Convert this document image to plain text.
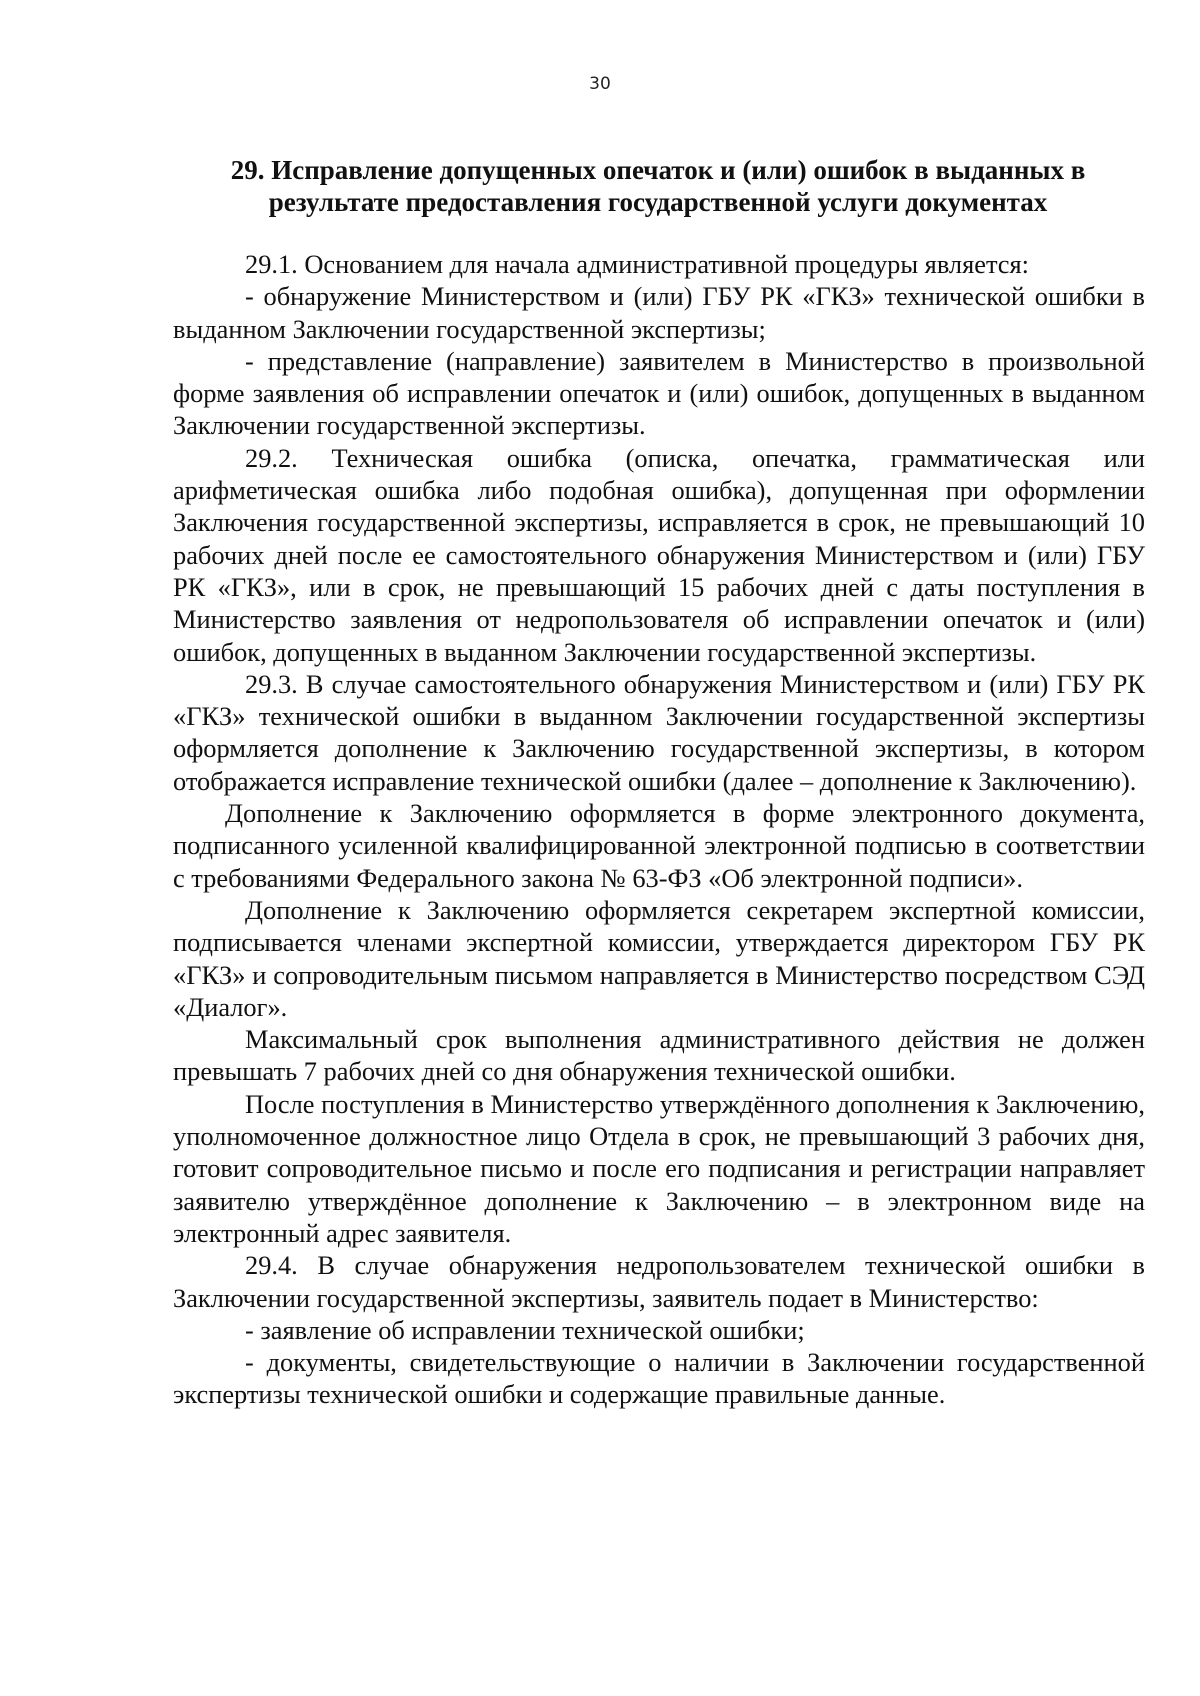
30
29. Исправление допущенных опечаток и (или) ошибок в выданных в
результате предоставления государственной услуги документах

29.1. Основанием для начала административной процедуры является:

- обнаружение Министерством и (или) ГБУ РК «ГКЗ» технической ошибки в выданном Заключении государственной экспертизы;

- представление (направление) заявителем в Министерство в произвольной форме заявления об исправлении опечаток и (или) ошибок, допущенных в выданном Заключении государственной экспертизы.

29.2. Техническая ошибка (описка, опечатка, грамматическая или арифметическая ошибка либо подобная ошибка), допущенная при оформлении Заключения государственной экспертизы, исправляется в срок, не превышающий 10 рабочих дней после ее самостоятельного обнаружения Министерством и (или) ГБУ РК «ГКЗ», или в срок, не превышающий 15 рабочих дней с даты поступления в Министерство заявления от недропользователя об исправлении опечаток и (или) ошибок, допущенных в выданном Заключении государственной экспертизы.

29.3. В случае самостоятельного обнаружения Министерством и (или) ГБУ РК «ГКЗ» технической ошибки в выданном Заключении государственной экспертизы оформляется дополнение к Заключению государственной экспертизы, в котором отображается исправление технической ошибки (далее – дополнение к Заключению).

Дополнение к Заключению оформляется в форме электронного документа, подписанного усиленной квалифицированной электронной подписью в соответствии с требованиями Федерального закона № 63-ФЗ «Об электронной подписи».

Дополнение к Заключению оформляется секретарем экспертной комиссии, подписывается членами экспертной комиссии, утверждается директором ГБУ РК «ГКЗ» и сопроводительным письмом направляется в Министерство посредством СЭД «Диалог».

Максимальный срок выполнения административного действия не должен превышать 7 рабочих дней со дня обнаружения технической ошибки.

После поступления в Министерство утверждённого дополнения к Заключению, уполномоченное должностное лицо Отдела в срок, не превышающий 3 рабочих дня, готовит сопроводительное письмо и после его подписания и регистрации направляет заявителю утверждённое дополнение к Заключению – в электронном виде на электронный адрес заявителя.

29.4. В случае обнаружения недропользователем технической ошибки в Заключении государственной экспертизы, заявитель подает в Министерство:

- заявление об исправлении технической ошибки;

- документы, свидетельствующие о наличии в Заключении государственной экспертизы технической ошибки и содержащие правильные данные.
